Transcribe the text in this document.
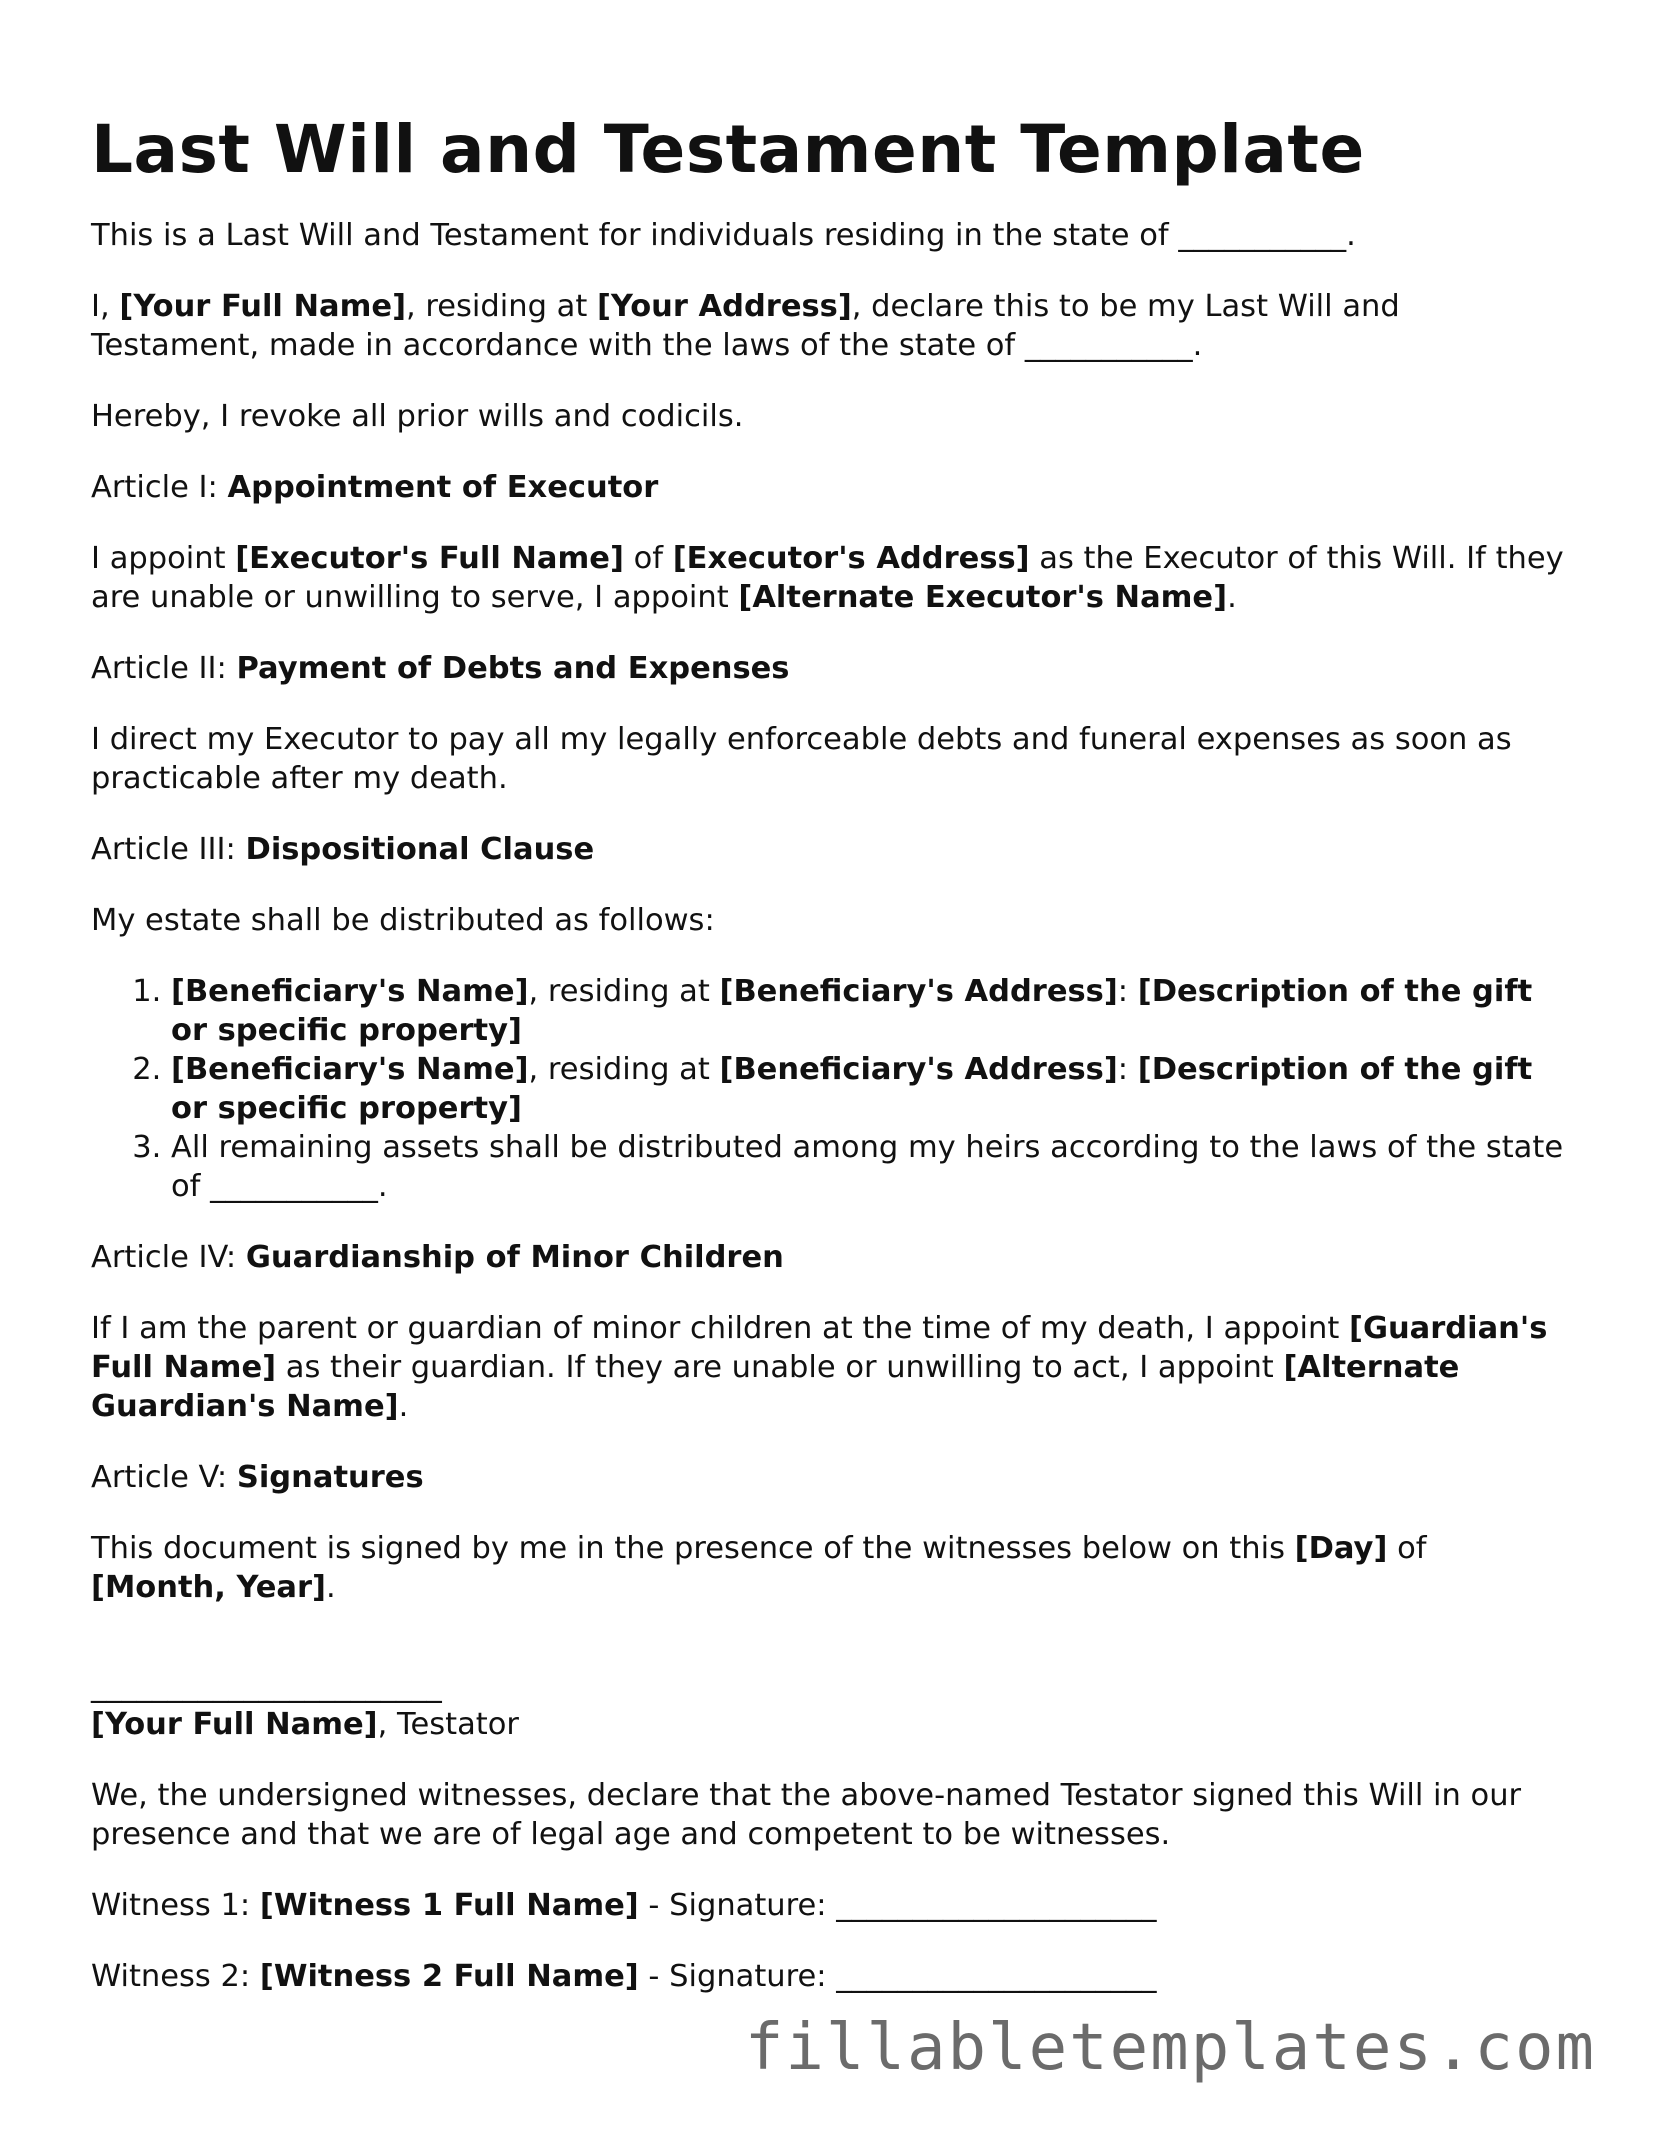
Last Will and Testament Template

This is a Last Will and Testament for individuals residing in the state of ___________.

I, [Your Full Name], residing at [Your Address], declare this to be my Last Will and Testament, made in accordance with the laws of the state of ___________.

Hereby, I revoke all prior wills and codicils.

Article I: Appointment of Executor

I appoint [Executor's Full Name] of [Executor's Address] as the Executor of this Will. If they are unable or unwilling to serve, I appoint [Alternate Executor's Name].

Article II: Payment of Debts and Expenses

I direct my Executor to pay all my legally enforceable debts and funeral expenses as soon as practicable after my death.

Article III: Dispositional Clause

My estate shall be distributed as follows:

1. [Beneficiary's Name], residing at [Beneficiary's Address]: [Description of the gift or specific property]
2. [Beneficiary's Name], residing at [Beneficiary's Address]: [Description of the gift or specific property]
3. All remaining assets shall be distributed among my heirs according to the laws of the state of ___________.

Article IV: Guardianship of Minor Children

If I am the parent or guardian of minor children at the time of my death, I appoint [Guardian's Full Name] as their guardian. If they are unable or unwilling to act, I appoint [Alternate Guardian's Name].

Article V: Signatures

This document is signed by me in the presence of the witnesses below on this [Day] of [Month, Year].

_______________________

[Your Full Name], Testator

We, the undersigned witnesses, declare that the above-named Testator signed this Will in our presence and that we are of legal age and competent to be witnesses.

Witness 1: [Witness 1 Full Name] - Signature: _____________________

Witness 2: [Witness 2 Full Name] - Signature: _____________________

fillabletemplates.com
